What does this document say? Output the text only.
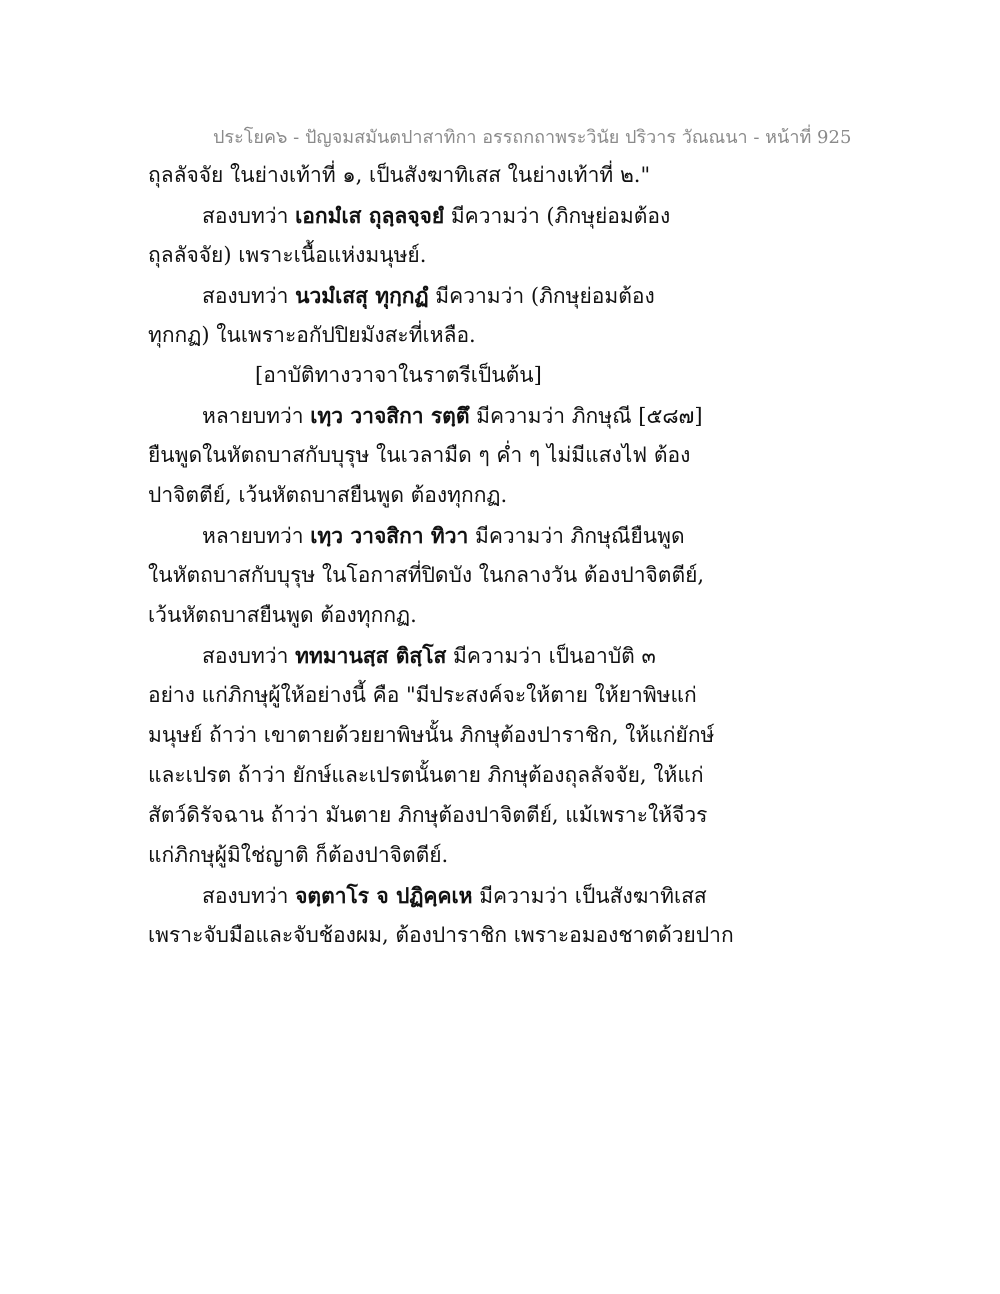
ประโยค๖ - ปัญจมสมันตปาสาทิกา อรรถกถาพระวินัย ปริวาร วัณณนา - หน้าที่ 925
ถุลลัจจัย ในย่างเท้าที่ ๑, เป็นสังฆาทิเสส ในย่างเท้าที่ ๒."
สองบทว่า เอกมํเส ถุลฺลจฺจยํ มีความว่า (ภิกษุย่อมต้อง
ถุลลัจจัย) เพราะเนื้อแห่งมนุษย์.
สองบทว่า นวมํเสสุ ทุกฺกฏํ มีความว่า (ภิกษุย่อมต้อง
ทุกกฏ) ในเพราะอกัปปิยมังสะที่เหลือ.
[อาบัติทางวาจาในราตรีเป็นต้น]
หลายบทว่า เทฺว วาจสิกา รตฺตึ มีความว่า ภิกษุณี [๕๘๗]
ยืนพูดในหัตถบาสกับบุรุษ ในเวลามืด ๆ ค่ำ ๆ ไม่มีแสงไฟ ต้อง
ปาจิตตีย์, เว้นหัตถบาสยืนพูด ต้องทุกกฏ.
หลายบทว่า เทฺว วาจสิกา ทิวา มีความว่า ภิกษุณียืนพูด
ในหัตถบาสกับบุรุษ ในโอกาสที่ปิดบัง ในกลางวัน ต้องปาจิตตีย์,
เว้นหัตถบาสยืนพูด ต้องทุกกฏ.
สองบทว่า ททมานสฺส ติสฺโส มีความว่า เป็นอาบัติ ๓
อย่าง แก่ภิกษุผู้ให้อย่างนี้ คือ "มีประสงค์จะให้ตาย ให้ยาพิษแก่
มนุษย์ ถ้าว่า เขาตายด้วยยาพิษนั้น ภิกษุต้องปาราชิก, ให้แก่ยักษ์
และเปรต ถ้าว่า ยักษ์และเปรตนั้นตาย ภิกษุต้องถุลลัจจัย, ให้แก่
สัตว์ดิรัจฉาน ถ้าว่า มันตาย ภิกษุต้องปาจิตตีย์, แม้เพราะให้จีวร
แก่ภิกษุผู้มิใช่ญาติ ก็ต้องปาจิตตีย์.
สองบทว่า จตฺตาโร จ ปฏิคฺคเห มีความว่า เป็นสังฆาทิเสส
เพราะจับมือและจับช้องผม, ต้องปาราชิก เพราะอมองชาตด้วยปาก
